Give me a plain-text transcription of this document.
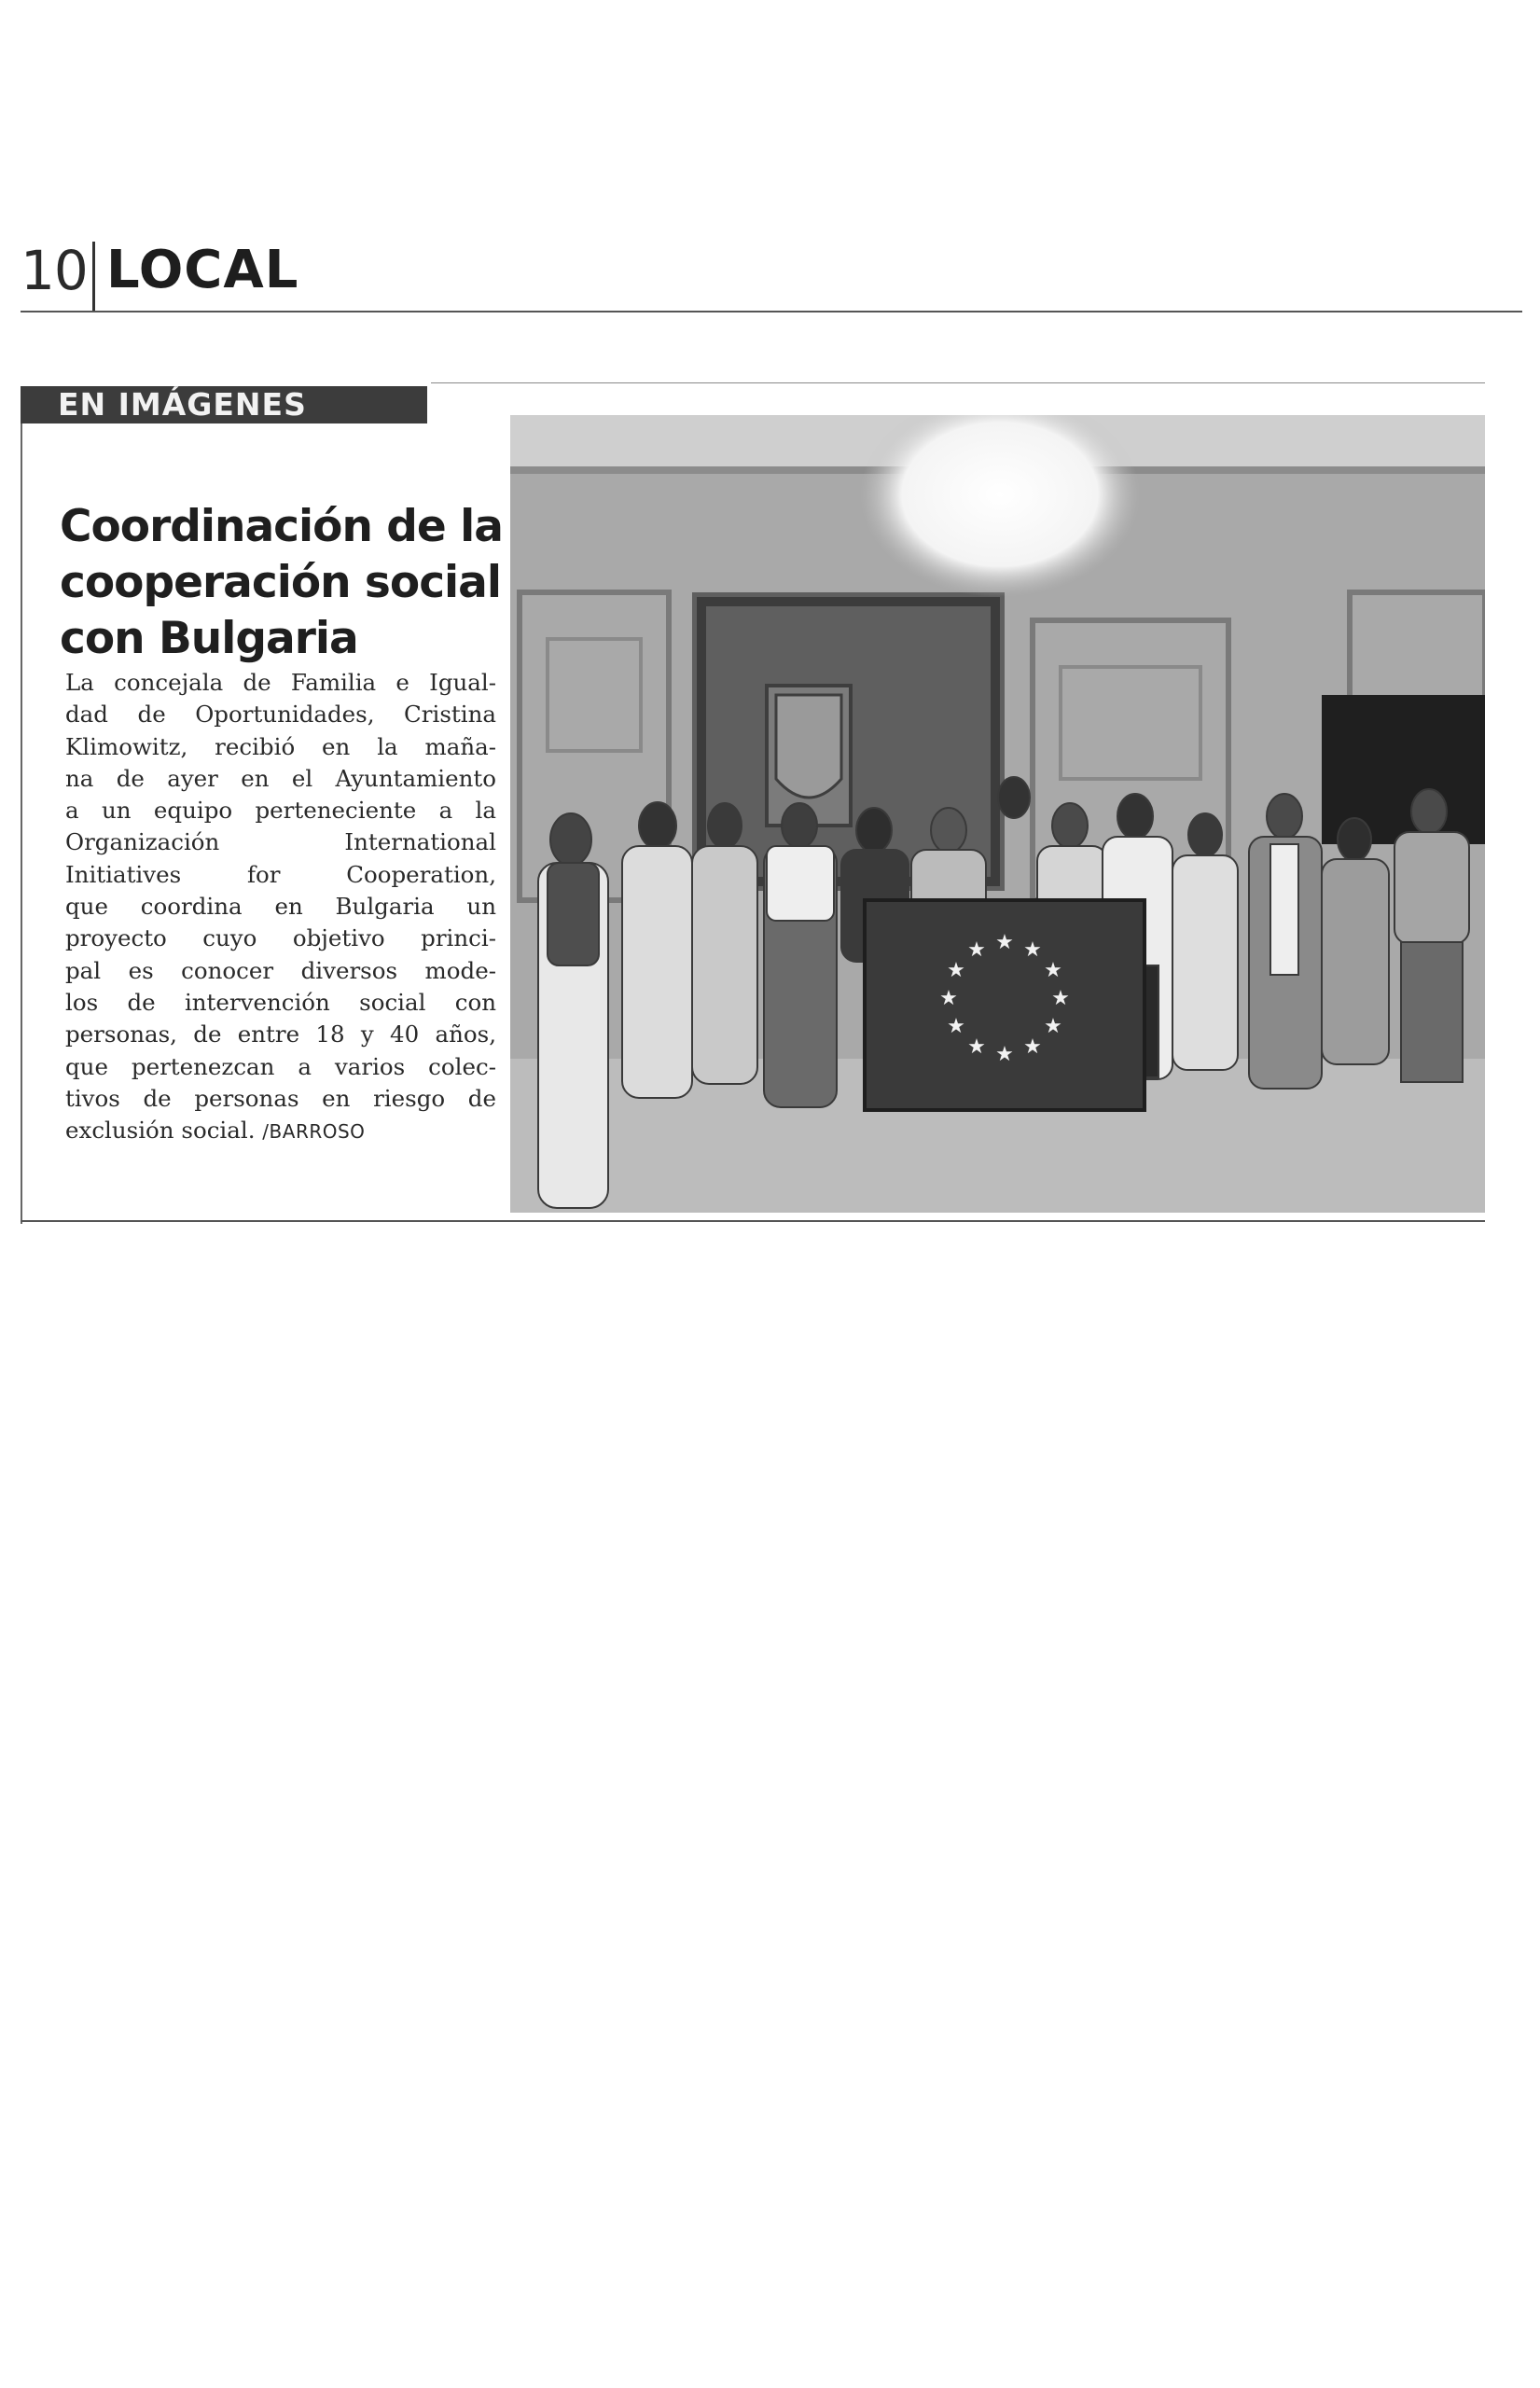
10 LOCAL
EN IMÁGENES
Coordinación de la
cooperación social
con Bulgaria
La concejala de Familia e Igual-
dad de Oportunidades, Cristina
Klimowitz, recibió en la maña-
na de ayer en el Ayuntamiento
a un equipo perteneciente a la
Organización International
Initiatives for Cooperation,
que coordina en Bulgaria un
proyecto cuyo objetivo princi-
pal es conocer diversos mode-
los de intervención social con
personas, de entre 18 y 40 años,
que pertenezcan a varios colec-
tivos de personas en riesgo de
exclusión social. /BARROSO
★ ★
★
★
★
★
★
★
★
★
★
★
